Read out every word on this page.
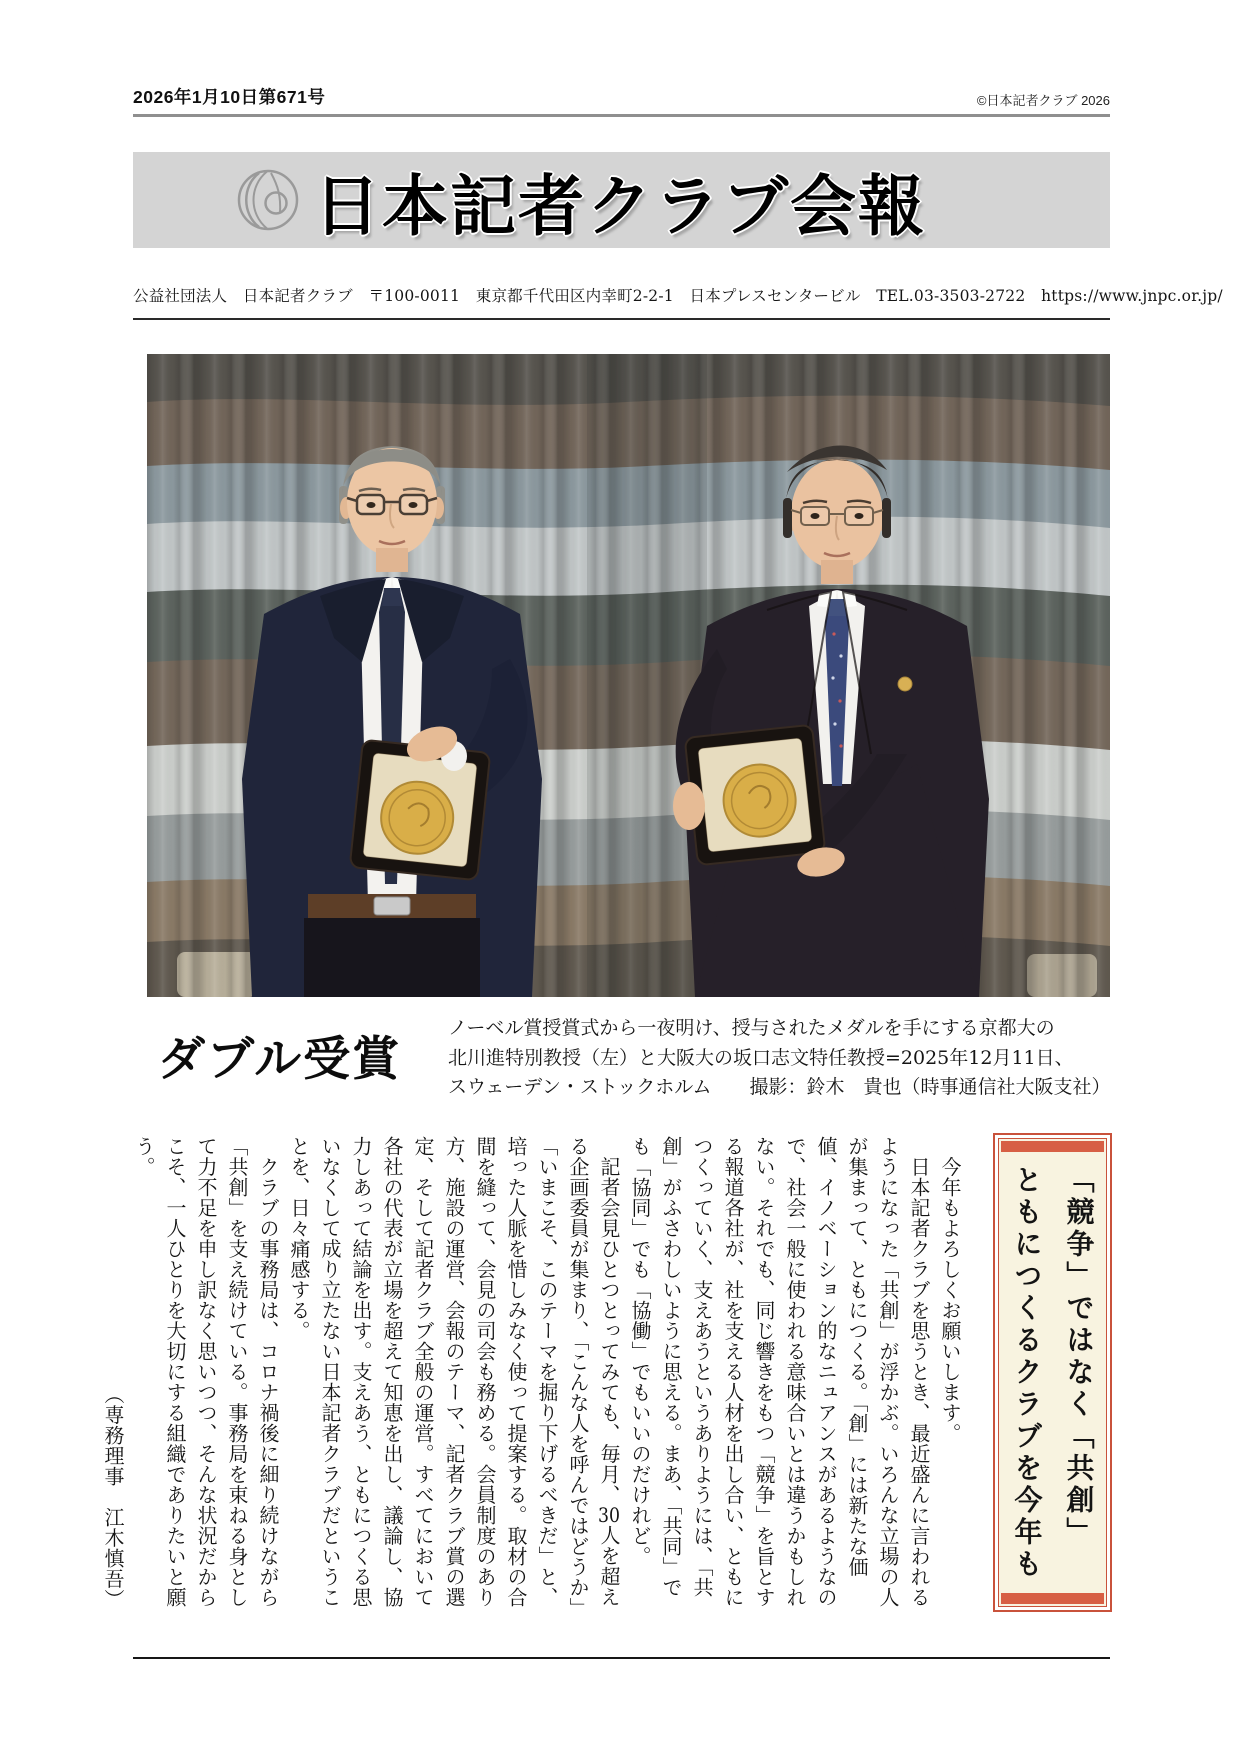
2026年1月10日第671号	©日本記者クラブ 2026
日本記者クラブ会報
公益社団法人　日本記者クラブ　〒100-0011　東京都千代田区内幸町2-2-1　日本プレスセンタービル　TEL.03-3503-2722　https://www.jnpc.or.jp/
ダブル受賞
ノーベル賞授賞式から一夜明け、授与されたメダルを手にする京都大の
北川進特別教授（左）と大阪大の坂口志文特任教授=2025年12月11日、
スウェーデン・ストックホルム　　撮影：鈴木　貴也（時事通信社大阪支社）
「競争」ではなく「共創」
ともにつくるクラブを今年も

　今年もよろしくお願いします。

　日本記者クラブを思うとき、最近盛んに言われるようになった「共創」が浮かぶ。いろんな立場の人が集まって、ともにつくる。「創」には新たな価値、イノベーション的なニュアンスがあるようなので、社会一般に使われる意味合いとは違うかもしれない。それでも、同じ響きをもつ「競争」を旨とする報道各社が、社を支える人材を出し合い、ともにつくっていく、支えあうというありようには、「共創」がふさわしいように思える。まあ、「共同」でも「協同」でも「協働」でもいいのだけれど。

　記者会見ひとつとってみても、毎月、30人を超える企画委員が集まり、「こんな人を呼んではどうか」「いまこそ、このテーマを掘り下げるべきだ」と、培った人脈を惜しみなく使って提案する。取材の合間を縫って、会見の司会も務める。会員制度のあり方、施設の運営、会報のテーマ、記者クラブ賞の選定、そして記者クラブ全般の運営。すべてにおいて各社の代表が立場を超えて知恵を出し、議論し、協力しあって結論を出す。支えあう、ともにつくる思いなくして成り立たない日本記者クラブだということを、日々痛感する。

　クラブの事務局は、コロナ禍後に細り続けながら「共創」を支え続けている。事務局を束ねる身として力不足を申し訳なく思いつつ、そんな状況だからこそ、一人ひとりを大切にする組織でありたいと願う。

（専務理事　江木慎吾）
